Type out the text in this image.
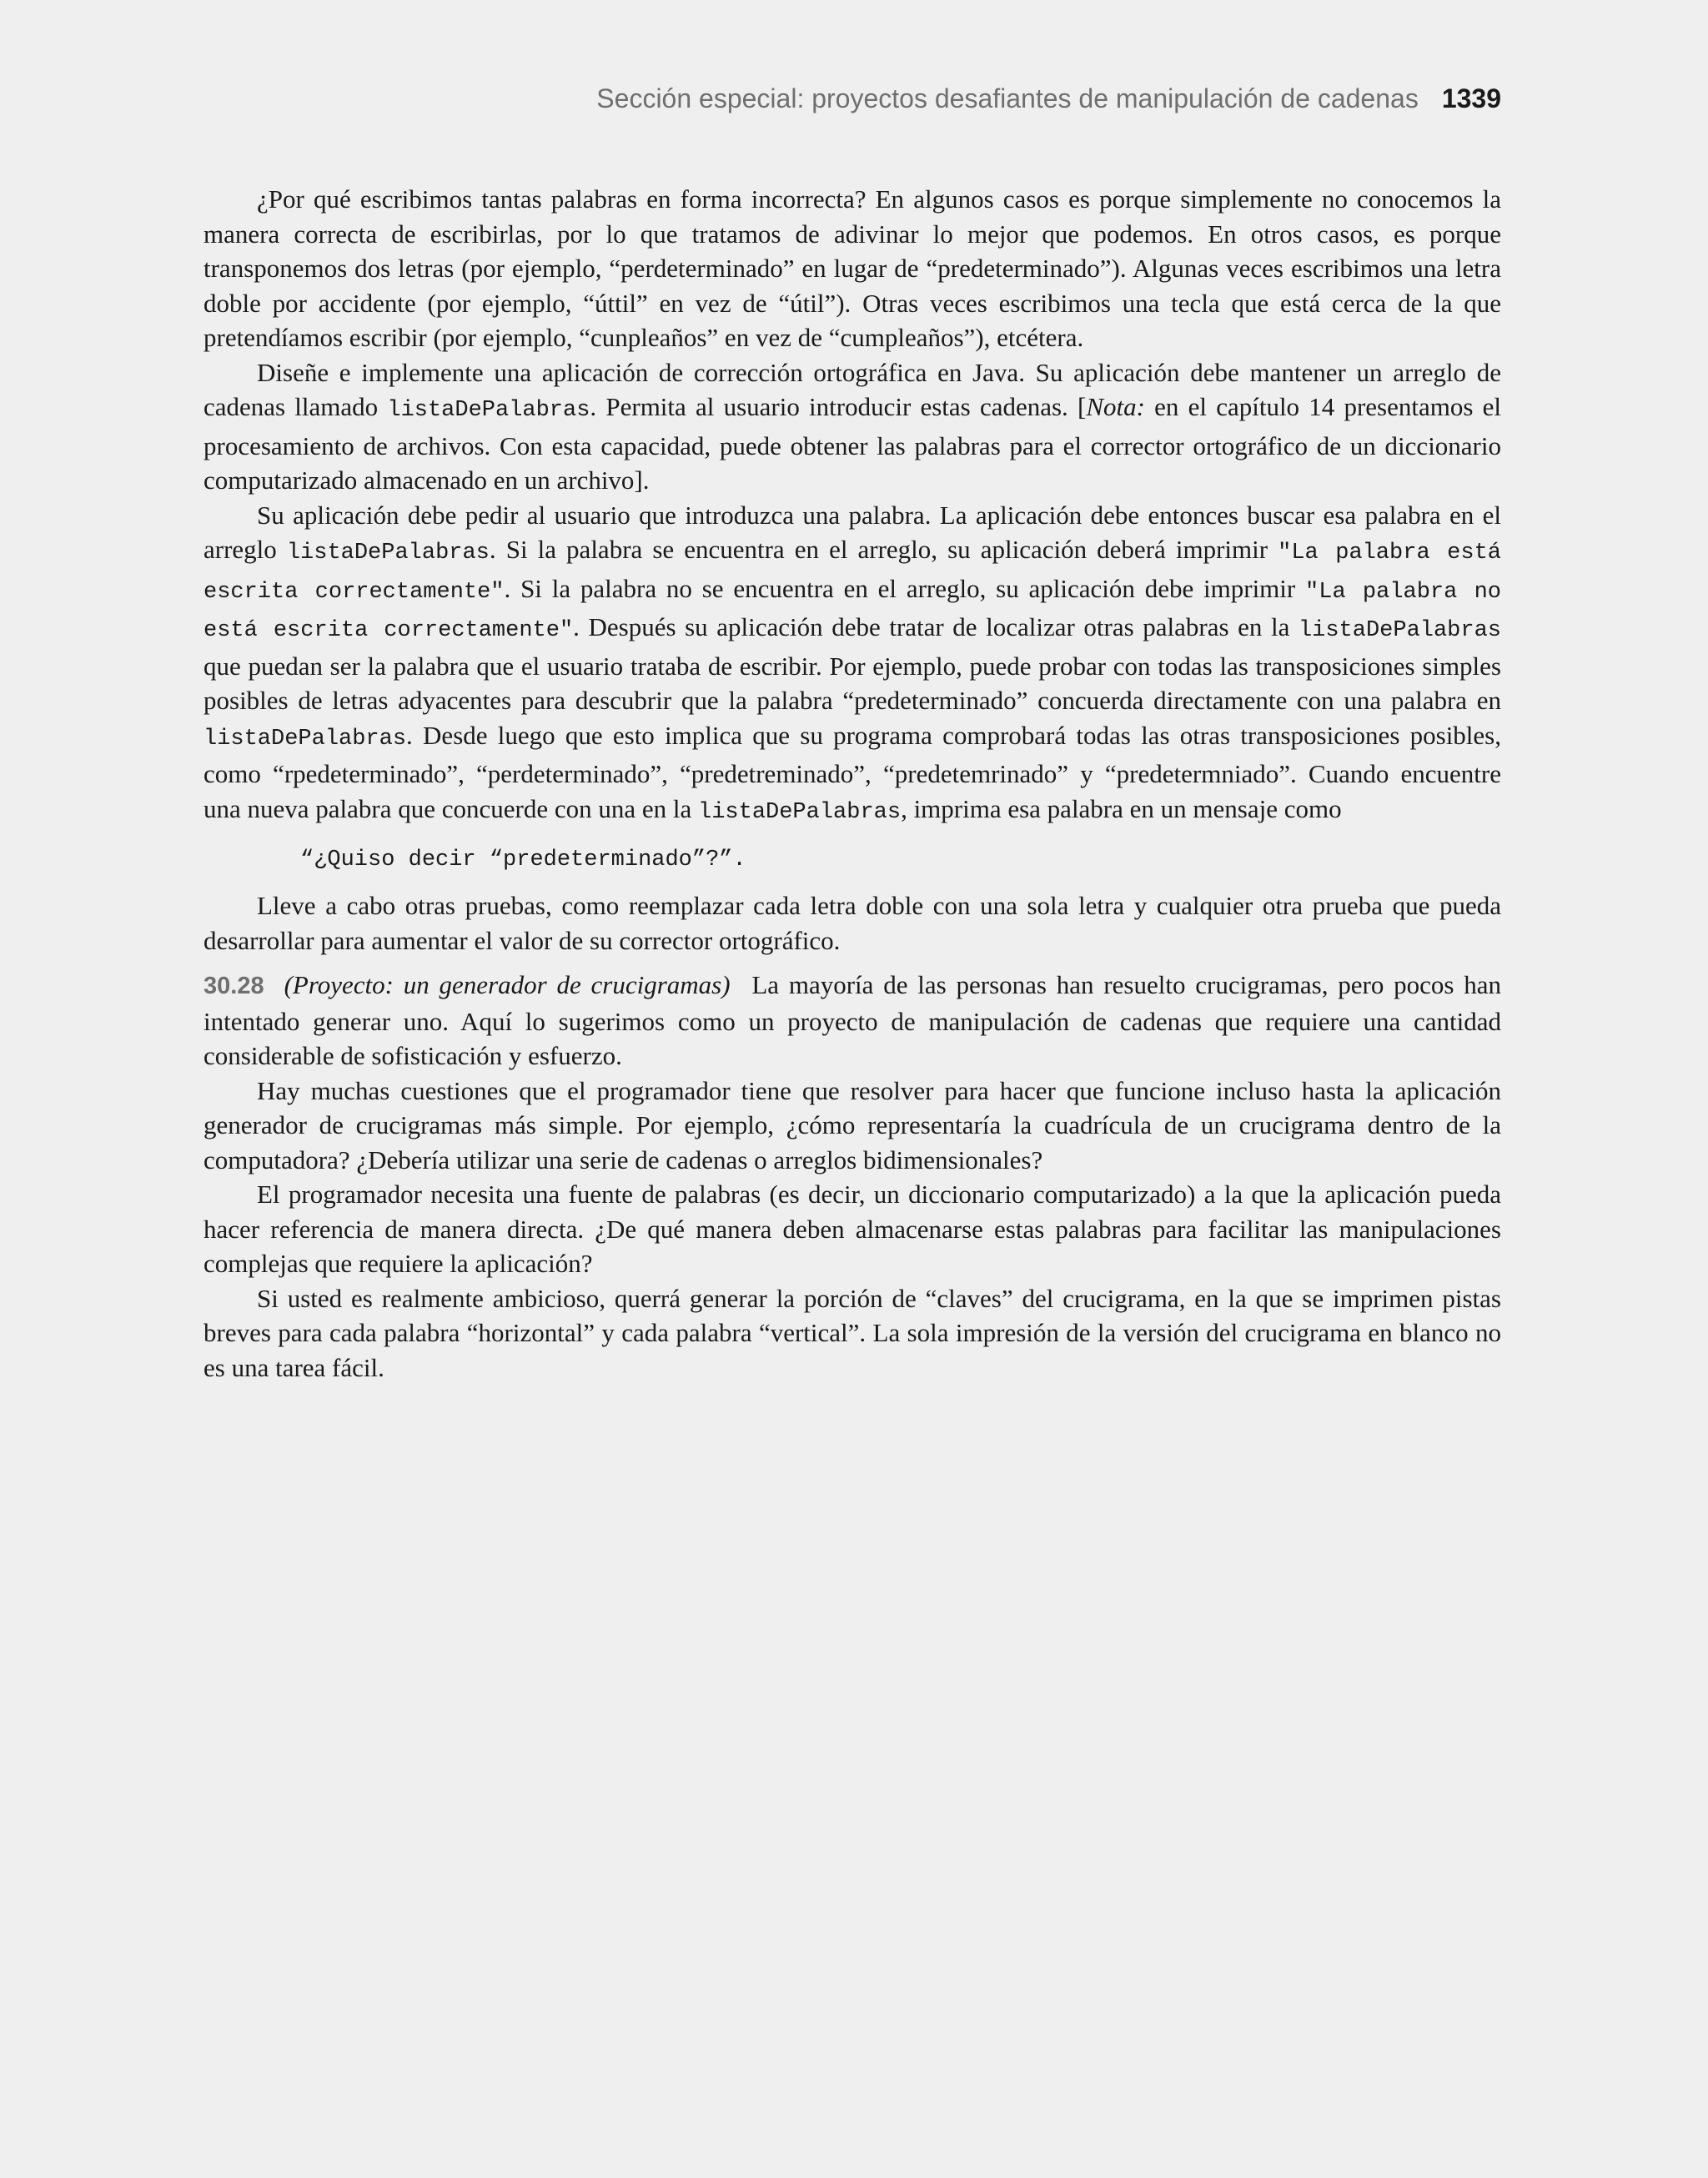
Sección especial: proyectos desafiantes de manipulación de cadenas 1339

¿Por qué escribimos tantas palabras en forma incorrecta? En algunos casos es porque simplemente no conocemos la manera correcta de escribirlas, por lo que tratamos de adivinar lo mejor que podemos. En otros casos, es porque transponemos dos letras (por ejemplo, “perdeterminado” en lugar de “predeterminado”). Algunas veces escribimos una letra doble por accidente (por ejemplo, “úttil” en vez de “útil”). Otras veces escribimos una tecla que está cerca de la que pretendíamos escribir (por ejemplo, “cunpleaños” en vez de “cumpleaños”), etcétera.

Diseñe e implemente una aplicación de corrección ortográfica en Java. Su aplicación debe mantener un arreglo de cadenas llamado listaDePalabras. Permita al usuario introducir estas cadenas. [Nota: en el capítulo 14 presentamos el procesamiento de archivos. Con esta capacidad, puede obtener las palabras para el corrector ortográfico de un diccionario computarizado almacenado en un archivo].

Su aplicación debe pedir al usuario que introduzca una palabra. La aplicación debe entonces buscar esa palabra en el arreglo listaDePalabras. Si la palabra se encuentra en el arreglo, su aplicación deberá imprimir "La palabra está escrita correctamente". Si la palabra no se encuentra en el arreglo, su aplicación debe imprimir "La palabra no está escrita correctamente". Después su aplicación debe tratar de localizar otras palabras en la listaDePalabras que puedan ser la palabra que el usuario trataba de escribir. Por ejemplo, puede probar con todas las transposiciones simples posibles de letras adyacentes para descubrir que la palabra “predeterminado” concuerda directamente con una palabra en listaDePalabras. Desde luego que esto implica que su programa comprobará todas las otras transposiciones posibles, como “rpedeterminado”, “perdeterminado”, “predetreminado”, “predetemrinado” y “predetermniado”. Cuando encuentre una nueva palabra que concuerde con una en la listaDePalabras, imprima esa palabra en un mensaje como

“¿Quiso decir “predeterminado”?”.

Lleve a cabo otras pruebas, como reemplazar cada letra doble con una sola letra y cualquier otra prueba que pueda desarrollar para aumentar el valor de su corrector ortográfico.

30.28 (Proyecto: un generador de crucigramas) La mayoría de las personas han resuelto crucigramas, pero pocos han intentado generar uno. Aquí lo sugerimos como un proyecto de manipulación de cadenas que requiere una cantidad considerable de sofisticación y esfuerzo.

Hay muchas cuestiones que el programador tiene que resolver para hacer que funcione incluso hasta la aplicación generador de crucigramas más simple. Por ejemplo, ¿cómo representaría la cuadrícula de un crucigrama dentro de la computadora? ¿Debería utilizar una serie de cadenas o arreglos bidimensionales?

El programador necesita una fuente de palabras (es decir, un diccionario computarizado) a la que la aplicación pueda hacer referencia de manera directa. ¿De qué manera deben almacenarse estas palabras para facilitar las manipulaciones complejas que requiere la aplicación?

Si usted es realmente ambicioso, querrá generar la porción de “claves” del crucigrama, en la que se imprimen pistas breves para cada palabra “horizontal” y cada palabra “vertical”. La sola impresión de la versión del crucigrama en blanco no es una tarea fácil.
